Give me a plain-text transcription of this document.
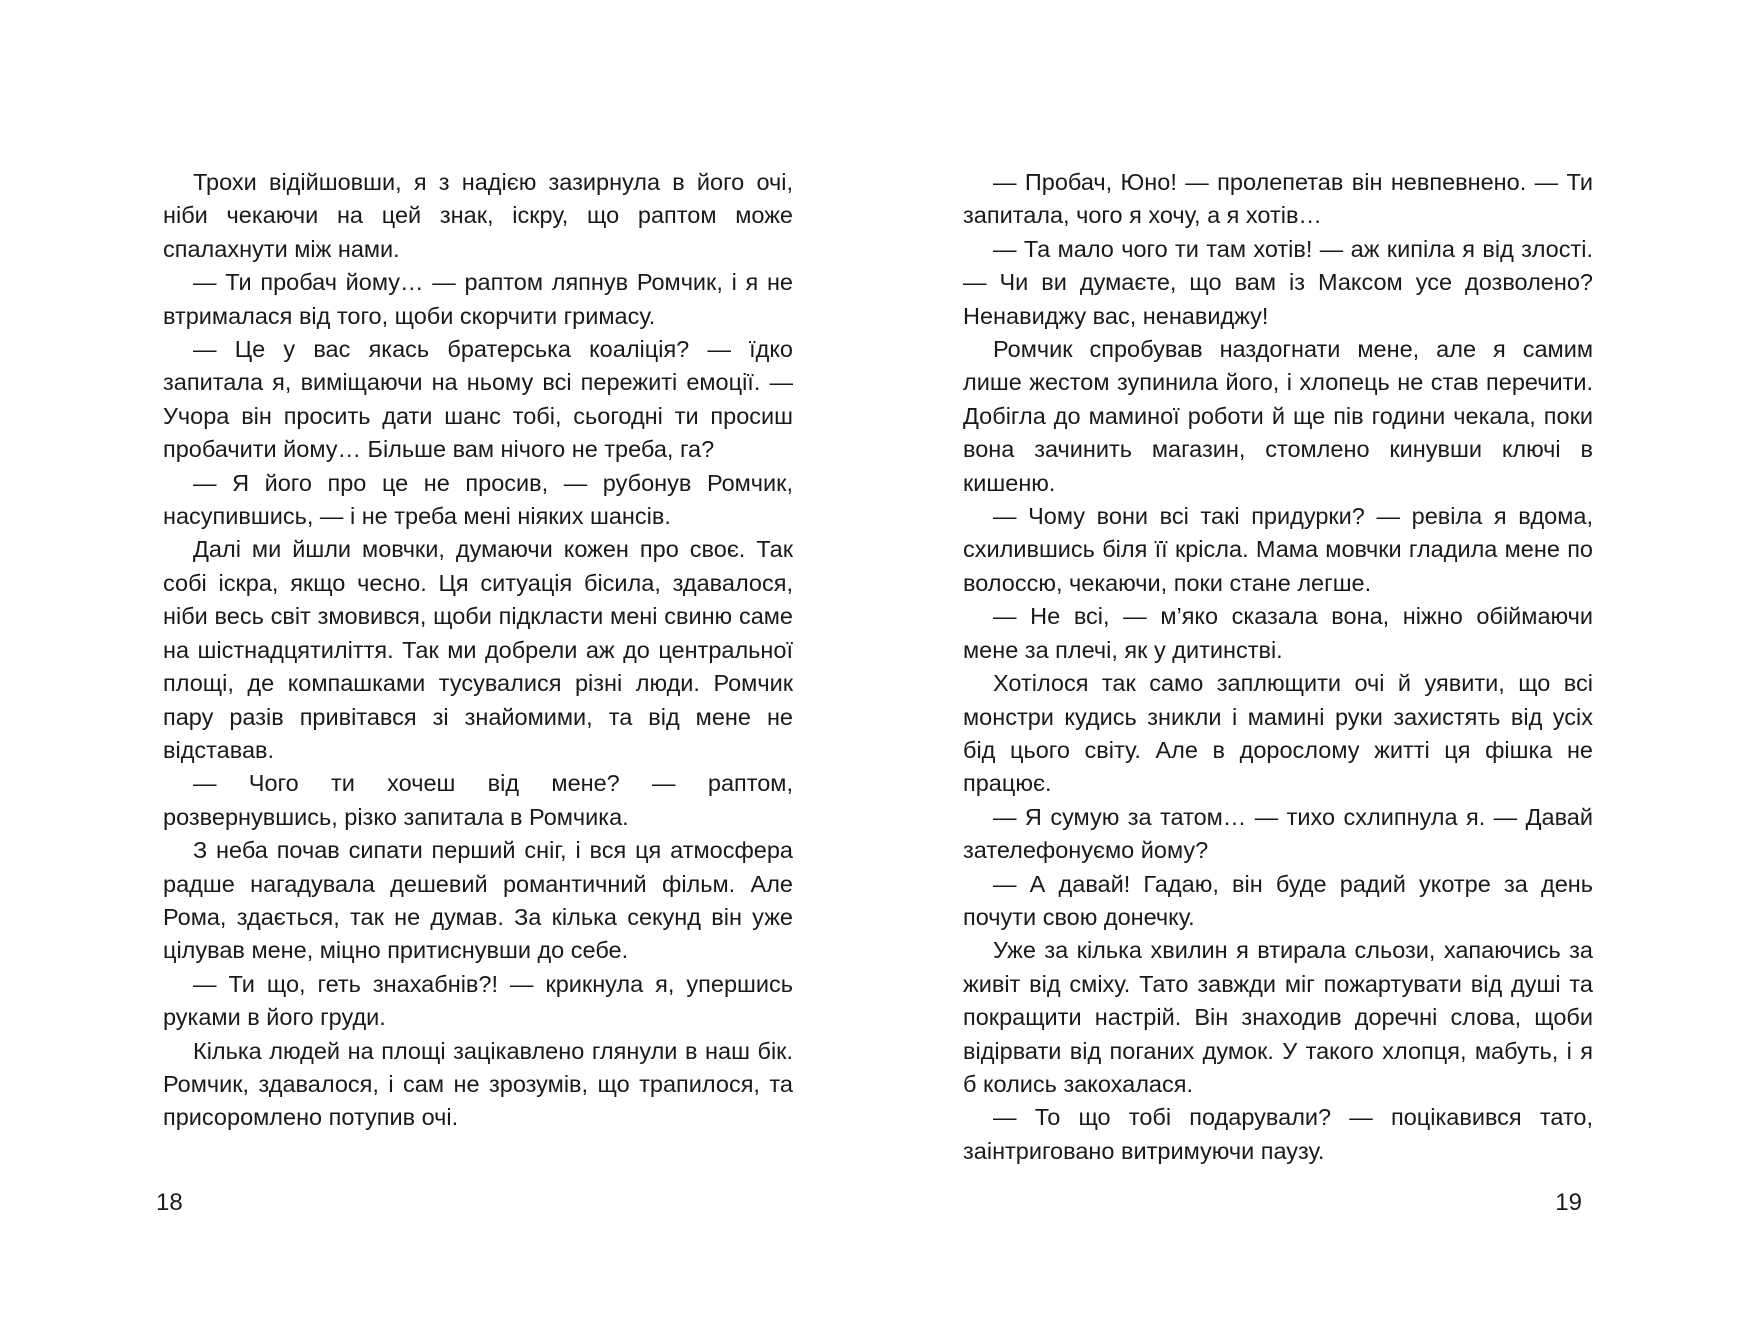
Трохи відійшовши, я з надією зазирнула в його очі, ніби чекаючи на цей знак, іскру, що раптом може спалахнути між нами.

— Ти пробач йому… — раптом ляпнув Ромчик, і я не втрималася від того, щоби скорчити гримасу.

— Це у вас якась братерська коаліція? — їдко запитала я, виміщаючи на ньому всі пережиті емоції. — Учора він просить дати шанс тобі, сьогодні ти просиш пробачити йому… Більше вам нічого не треба, га?

— Я його про це не просив, — рубонув Ромчик, насупившись, — і не треба мені ніяких шансів.

Далі ми йшли мовчки, думаючи кожен про своє. Так собі іскра, якщо чесно. Ця ситуація бісила, здавалося, ніби весь світ змовився, щоби підкласти мені свиню саме на шістнадцятиліття. Так ми добрели аж до центральної площі, де компашками тусувалися різні люди. Ромчик пару разів привітався зі знайомими, та від мене не відставав.

— Чого ти хочеш від мене? — раптом, розвернувшись, різко запитала в Ромчика.

З неба почав сипати перший сніг, і вся ця атмосфера радше нагадувала дешевий романтичний фільм. Але Рома, здається, так не думав. За кілька секунд він уже цілував мене, міцно притиснувши до себе.

— Ти що, геть знахабнів?! — крикнула я, упершись руками в його груди.

Кілька людей на площі зацікавлено глянули в наш бік. Ромчик, здавалося, і сам не зрозумів, що трапилося, та присоромлено потупив очі.

18

— Пробач, Юно! — пролепетав він невпевнено. — Ти запитала, чого я хочу, а я хотів…

— Та мало чого ти там хотів! — аж кипіла я від злості. — Чи ви думаєте, що вам із Максом усе дозволено? Ненавиджу вас, ненавиджу!

Ромчик спробував наздогнати мене, але я самим лише жестом зупинила його, і хлопець не став перечити. Добігла до маминої роботи й ще пів години чекала, поки вона зачинить магазин, стомлено кинувши ключі в кишеню.

— Чому вони всі такі придурки? — ревіла я вдома, схилившись біля її крісла. Мама мовчки гладила мене по волоссю, чекаючи, поки стане легше.

— Не всі, — м’яко сказала вона, ніжно обіймаючи мене за плечі, як у дитинстві.

Хотілося так само заплющити очі й уявити, що всі монстри кудись зникли і мамині руки захистять від усіх бід цього світу. Але в дорослому житті ця фішка не працює.

— Я сумую за татом… — тихо схлипнула я. — Давай зателефонуємо йому?

— А давай! Гадаю, він буде радий укотре за день почути свою донечку.

Уже за кілька хвилин я втирала сльози, хапаючись за живіт від сміху. Тато завжди міг пожартувати від душі та покращити настрій. Він знаходив доречні слова, щоби відірвати від поганих думок. У такого хлопця, мабуть, і я б колись закохалася.

— То що тобі подарували? — поцікавився тато, заінтриговано витримуючи паузу.

19
